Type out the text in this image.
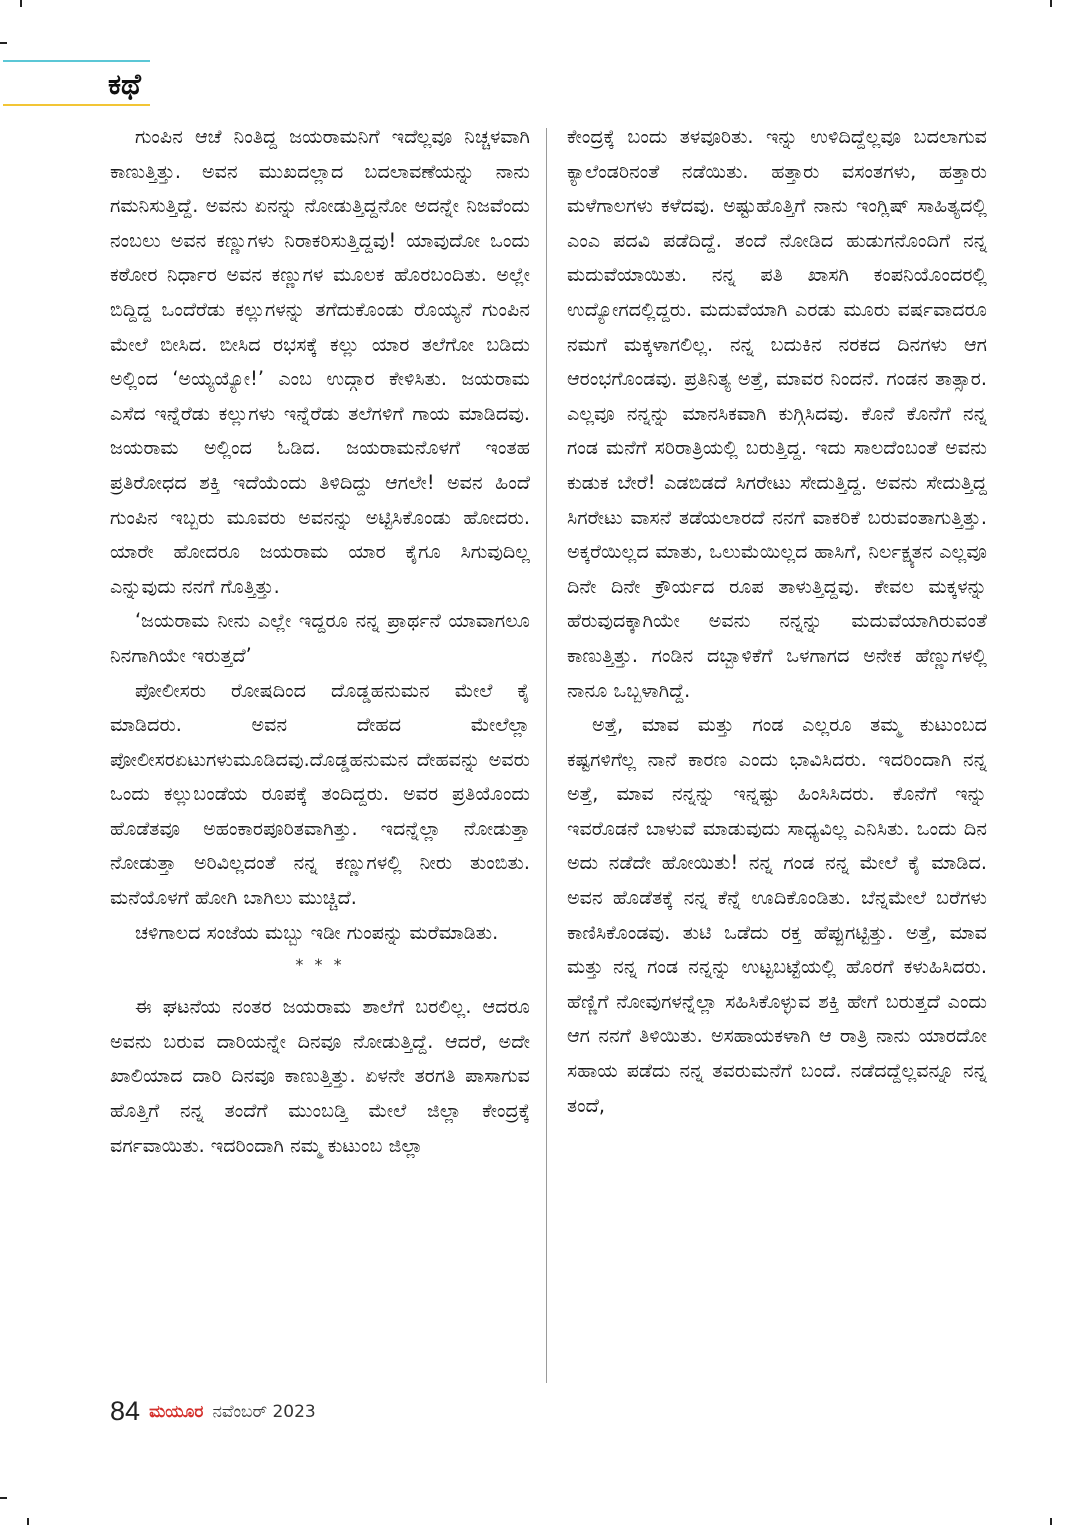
ಕಥೆ

ಗುಂಪಿನ ಆಚೆ ನಿಂತಿದ್ದ ಜಯರಾಮನಿಗೆ ಇದೆಲ್ಲವೂ ನಿಚ್ಚಳವಾಗಿ ಕಾಣುತ್ತಿತ್ತು. ಅವನ ಮುಖದಲ್ಲಾದ ಬದಲಾವಣೆಯನ್ನು ನಾನು ಗಮನಿಸುತ್ತಿದ್ದೆ. ಅವನು ಏನನ್ನು ನೋಡುತ್ತಿದ್ದನೋ ಅದನ್ನೇ ನಿಜವೆಂದು ನಂಬಲು ಅವನ ಕಣ್ಣುಗಳು ನಿರಾಕರಿಸುತ್ತಿದ್ದವು! ಯಾವುದೋ ಒಂದು ಕಠೋರ ನಿರ್ಧಾರ ಅವನ ಕಣ್ಣುಗಳ ಮೂಲಕ ಹೊರಬಂದಿತು. ಅಲ್ಲೇ ಬಿದ್ದಿದ್ದ ಒಂದೆರೆಡು ಕಲ್ಲುಗಳನ್ನು ತಗೆದುಕೊಂಡು ರೊಯ್ಯನೆ ಗುಂಪಿನ ಮೇಲೆ ಬೀಸಿದ. ಬೀಸಿದ ರಭಸಕ್ಕೆ ಕಲ್ಲು ಯಾರ ತಲೆಗೋ ಬಡಿದು ಅಲ್ಲಿಂದ ‘ಅಯ್ಯಯ್ಯೋ!’ ಎಂಬ ಉದ್ಗಾರ ಕೇಳಿಸಿತು. ಜಯರಾಮ ಎಸೆದ ಇನ್ನೆರೆಡು ಕಲ್ಲುಗಳು ಇನ್ನೆರೆಡು ತಲೆಗಳಿಗೆ ಗಾಯ ಮಾಡಿದವು. ಜಯರಾಮ ಅಲ್ಲಿಂದ ಓಡಿದ. ಜಯರಾಮನೊಳಗೆ ಇಂತಹ ಪ್ರತಿರೋಧದ ಶಕ್ತಿ ಇದೆಯೆಂದು ತಿಳಿದಿದ್ದು ಆಗಲೇ! ಅವನ ಹಿಂದೆ ಗುಂಪಿನ ಇಬ್ಬರು ಮೂವರು ಅವನನ್ನು ಅಟ್ಟಿಸಿಕೊಂಡು ಹೋದರು. ಯಾರೇ ಹೋದರೂ ಜಯರಾಮ ಯಾರ ಕೈಗೂ ಸಿಗುವುದಿಲ್ಲ ಎನ್ನುವುದು ನನಗೆ ಗೊತ್ತಿತ್ತು.

‘ಜಯರಾಮ ನೀನು ಎಲ್ಲೇ ಇದ್ದರೂ ನನ್ನ ಪ್ರಾರ್ಥನೆ ಯಾವಾಗಲೂ ನಿನಗಾಗಿಯೇ ಇರುತ್ತದೆ’

ಪೋಲೀಸರು ರೋಷದಿಂದ ದೊಡ್ಡಹನುಮನ ಮೇಲೆ ಕೈ ಮಾಡಿದರು. ಅವನ ದೇಹದ ಮೇಲೆಲ್ಲಾ ಪೋಲೀಸರಏಟುಗಳುಮೂಡಿದವು.ದೊಡ್ಡಹನುಮನ ದೇಹವನ್ನು ಅವರು ಒಂದು ಕಲ್ಲುಬಂಡೆಯ ರೂಪಕ್ಕೆ ತಂದಿದ್ದರು. ಅವರ ಪ್ರತಿಯೊಂದು ಹೊಡೆತವೂ ಅಹಂಕಾರಪೂರಿತವಾಗಿತ್ತು. ಇದನ್ನೆಲ್ಲಾ ನೋಡುತ್ತಾ ನೋಡುತ್ತಾ ಅರಿವಿಲ್ಲದಂತೆ ನನ್ನ ಕಣ್ಣುಗಳಲ್ಲಿ ನೀರು ತುಂಬಿತು. ಮನೆಯೊಳಗೆ ಹೋಗಿ ಬಾಗಿಲು ಮುಚ್ಚಿದೆ.

ಚಳಿಗಾಲದ ಸಂಜೆಯ ಮಬ್ಬು ಇಡೀ ಗುಂಪನ್ನು ಮರೆಮಾಡಿತು.

* * *

ಈ ಘಟನೆಯ ನಂತರ ಜಯರಾಮ ಶಾಲೆಗೆ ಬರಲಿಲ್ಲ. ಆದರೂ ಅವನು ಬರುವ ದಾರಿಯನ್ನೇ ದಿನವೂ ನೋಡುತ್ತಿದ್ದೆ. ಆದರೆ, ಅದೇ ಖಾಲಿಯಾದ ದಾರಿ ದಿನವೂ ಕಾಣುತ್ತಿತ್ತು. ಏಳನೇ ತರಗತಿ ಪಾಸಾಗುವ ಹೊತ್ತಿಗೆ ನನ್ನ ತಂದೆಗೆ ಮುಂಬಡ್ತಿ ಮೇಲೆ ಜಿಲ್ಲಾ ಕೇಂದ್ರಕ್ಕೆ ವರ್ಗವಾಯಿತು. ಇದರಿಂದಾಗಿ ನಮ್ಮ ಕುಟುಂಬ ಜಿಲ್ಲಾ

ಕೇಂದ್ರಕ್ಕೆ ಬಂದು ತಳವೂರಿತು. ಇನ್ನು ಉಳಿದಿದ್ದೆಲ್ಲವೂ ಬದಲಾಗುವ ಕ್ಯಾಲೆಂಡರಿನಂತೆ ನಡೆಯಿತು. ಹತ್ತಾರು ವಸಂತಗಳು, ಹತ್ತಾರು ಮಳೆಗಾಲಗಳು ಕಳೆದವು. ಅಷ್ಟುಹೊತ್ತಿಗೆ ನಾನು ಇಂಗ್ಲಿಷ್ ಸಾಹಿತ್ಯದಲ್ಲಿ ಎಂಎ ಪದವಿ ಪಡೆದಿದ್ದೆ. ತಂದೆ ನೋಡಿದ ಹುಡುಗನೊಂದಿಗೆ ನನ್ನ ಮದುವೆಯಾಯಿತು. ನನ್ನ ಪತಿ ಖಾಸಗಿ ಕಂಪನಿಯೊಂದರಲ್ಲಿ ಉದ್ಯೋಗದಲ್ಲಿದ್ದರು. ಮದುವೆಯಾಗಿ ಎರಡು ಮೂರು ವರ್ಷವಾದರೂ ನಮಗೆ ಮಕ್ಕಳಾಗಲಿಲ್ಲ. ನನ್ನ ಬದುಕಿನ ನರಕದ ದಿನಗಳು ಆಗ ಆರಂಭಗೊಂಡವು. ಪ್ರತಿನಿತ್ಯ ಅತ್ತೆ, ಮಾವರ ನಿಂದನೆ. ಗಂಡನ ತಾತ್ಸಾರ. ಎಲ್ಲವೂ ನನ್ನನ್ನು ಮಾನಸಿಕವಾಗಿ ಕುಗ್ಗಿಸಿದವು. ಕೊನೆ ಕೊನೆಗೆ ನನ್ನ ಗಂಡ ಮನೆಗೆ ಸರಿರಾತ್ರಿಯಲ್ಲಿ ಬರುತ್ತಿದ್ದ. ಇದು ಸಾಲದೆಂಬಂತೆ ಅವನು ಕುಡುಕ ಬೇರೆ! ಎಡಬಿಡದೆ ಸಿಗರೇಟು ಸೇದುತ್ತಿದ್ದ. ಅವನು ಸೇದುತ್ತಿದ್ದ ಸಿಗರೇಟು ವಾಸನೆ ತಡೆಯಲಾರದೆ ನನಗೆ ವಾಕರಿಕೆ ಬರುವಂತಾಗುತ್ತಿತ್ತು. ಅಕ್ಕರೆಯಿಲ್ಲದ ಮಾತು, ಒಲುಮೆಯಿಲ್ಲದ ಹಾಸಿಗೆ, ನಿರ್ಲಕ್ಷ್ಯತನ ಎಲ್ಲವೂ ದಿನೇ ದಿನೇ ಕ್ರೌರ್ಯದ ರೂಪ ತಾಳುತ್ತಿದ್ದವು. ಕೇವಲ ಮಕ್ಕಳನ್ನು ಹೆರುವುದಕ್ಕಾಗಿಯೇ ಅವನು ನನ್ನನ್ನು ಮದುವೆಯಾಗಿರುವಂತೆ ಕಾಣುತ್ತಿತ್ತು. ಗಂಡಿನ ದಬ್ಬಾಳಿಕೆಗೆ ಒಳಗಾಗದ ಅನೇಕ ಹೆಣ್ಣುಗಳಲ್ಲಿ ನಾನೂ ಒಬ್ಬಳಾಗಿದ್ದೆ.

ಅತ್ತೆ, ಮಾವ ಮತ್ತು ಗಂಡ ಎಲ್ಲರೂ ತಮ್ಮ ಕುಟುಂಬದ ಕಷ್ಟಗಳಿಗೆಲ್ಲ ನಾನೆ ಕಾರಣ ಎಂದು ಭಾವಿಸಿದರು. ಇದರಿಂದಾಗಿ ನನ್ನ ಅತ್ತೆ, ಮಾವ ನನ್ನನ್ನು ಇನ್ನಷ್ಟು ಹಿಂಸಿಸಿದರು. ಕೊನೆಗೆ ಇನ್ನು ಇವರೊಡನೆ ಬಾಳುವೆ ಮಾಡುವುದು ಸಾಧ್ಯವಿಲ್ಲ ಎನಿಸಿತು. ಒಂದು ದಿನ ಅದು ನಡೆದೇ ಹೋಯಿತು! ನನ್ನ ಗಂಡ ನನ್ನ ಮೇಲೆ ಕೈ ಮಾಡಿದ. ಅವನ ಹೊಡೆತಕ್ಕೆ ನನ್ನ ಕೆನ್ನೆ ಊದಿಕೊಂಡಿತು. ಬೆನ್ನಮೇಲೆ ಬರೆಗಳು ಕಾಣಿಸಿಕೊಂಡವು. ತುಟಿ ಒಡೆದು ರಕ್ತ ಹೆಪ್ಪುಗಟ್ಟಿತ್ತು. ಅತ್ತೆ, ಮಾವ ಮತ್ತು ನನ್ನ ಗಂಡ ನನ್ನನ್ನು ಉಟ್ಟಬಟ್ಟೆಯಲ್ಲಿ ಹೊರಗೆ ಕಳುಹಿಸಿದರು. ಹೆಣ್ಣಿಗೆ ನೋವುಗಳನ್ನೆಲ್ಲಾ ಸಹಿಸಿಕೊಳ್ಳುವ ಶಕ್ತಿ ಹೇಗೆ ಬರುತ್ತದೆ ಎಂದು ಆಗ ನನಗೆ ತಿಳಿಯಿತು. ಅಸಹಾಯಕಳಾಗಿ ಆ ರಾತ್ರಿ ನಾನು ಯಾರದೋ ಸಹಾಯ ಪಡೆದು ನನ್ನ ತವರುಮನೆಗೆ ಬಂದೆ. ನಡೆದದ್ದೆಲ್ಲವನ್ನೂ ನನ್ನ ತಂದೆ,

84 ಮಯೂರ ನವೆಂಬರ್ 2023
